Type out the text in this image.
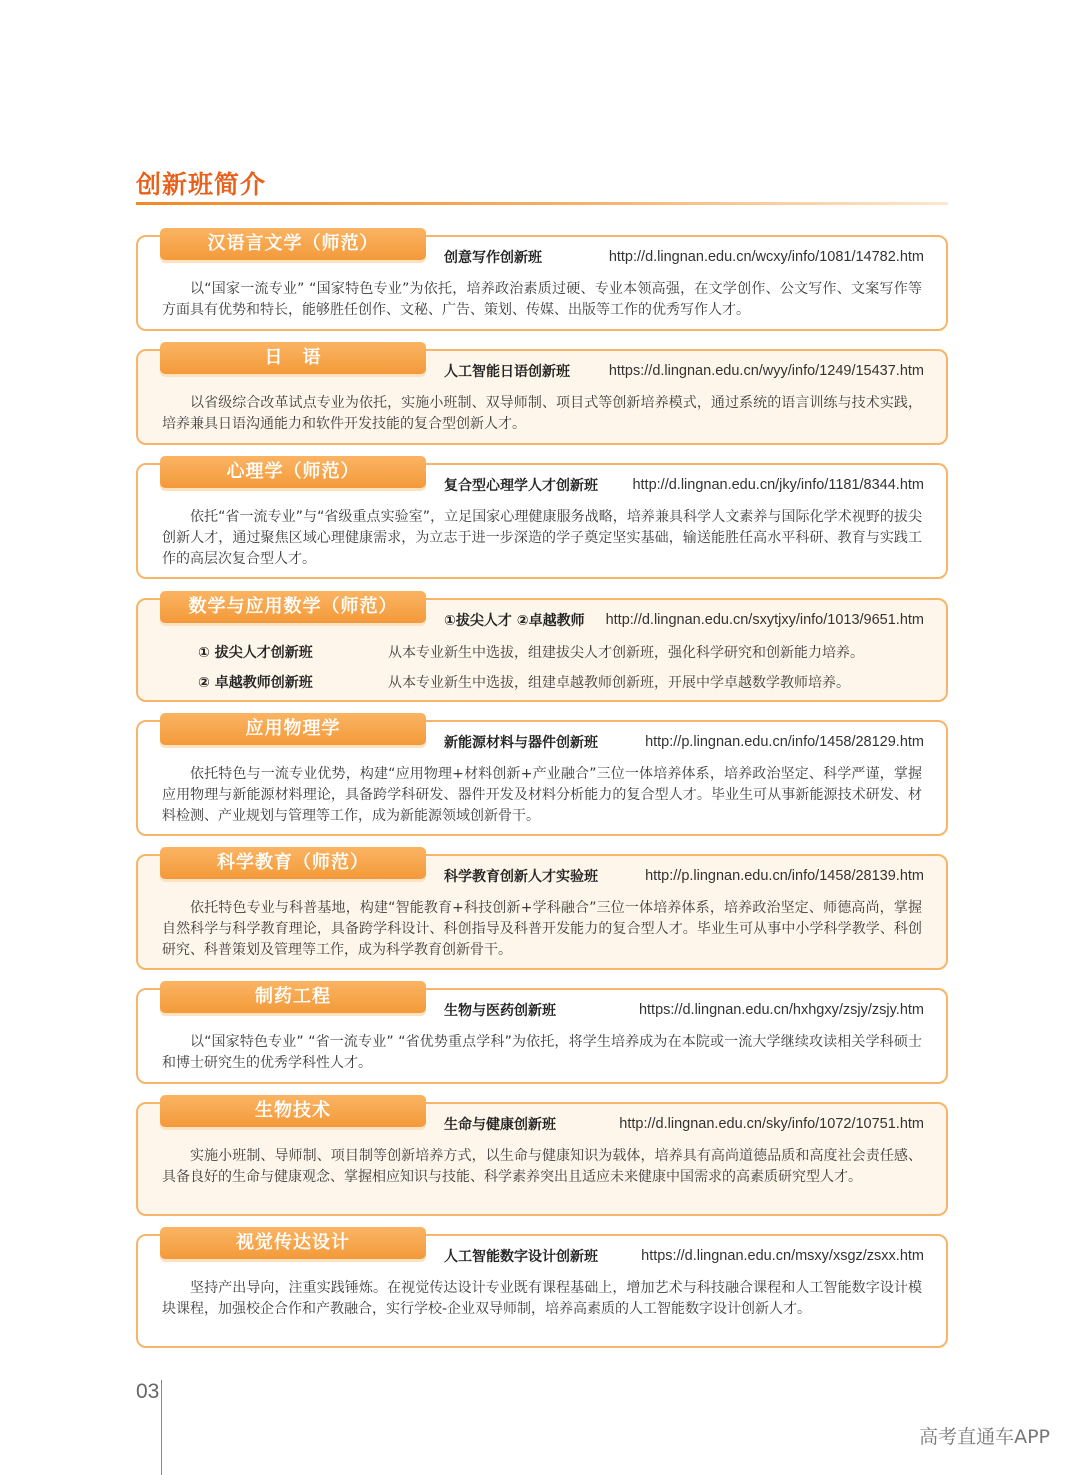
创新班简介
汉语言文学（师范）
创意写作创新班	http://d.lingnan.edu.cn/wcxy/info/1081/14782.htm
以“国家一流专业” “国家特色专业”为依托，培养政治素质过硬、专业本领高强，在文学创作、公文写作、文案写作等方面具有优势和特长，能够胜任创作、文秘、广告、策划、传媒、出版等工作的优秀写作人才。
日　语
人工智能日语创新班	https://d.lingnan.edu.cn/wyy/info/1249/15437.htm
以省级综合改革试点专业为依托，实施小班制、双导师制、项目式等创新培养模式，通过系统的语言训练与技术实践，培养兼具日语沟通能力和软件开发技能的复合型创新人才。
心理学（师范）
复合型心理学人才创新班 http://d.lingnan.edu.cn/jky/info/1181/8344.htm
依托“省一流专业”与“省级重点实验室”，立足国家心理健康服务战略，培养兼具科学人文素养与国际化学术视野的拔尖创新人才，通过聚焦区域心理健康需求，为立志于进一步深造的学子奠定坚实基础，输送能胜任高水平科研、教育与实践工作的高层次复合型人才。
数学与应用数学（师范）
①拔尖人才 ②卓越教师 http://d.lingnan.edu.cn/sxytjxy/info/1013/9651.htm
① 拔尖人才创新班	从本专业新生中选拔，组建拔尖人才创新班，强化科学研究和创新能力培养。
② 卓越教师创新班	从本专业新生中选拔，组建卓越教师创新班，开展中学卓越数学教师培养。
应用物理学
新能源材料与器件创新班	http://p.lingnan.edu.cn/info/1458/28129.htm
依托特色与一流专业优势，构建“应用物理+材料创新+产业融合”三位一体培养体系，培养政治坚定、科学严谨，掌握应用物理与新能源材料理论，具备跨学科研发、器件开发及材料分析能力的复合型人才。毕业生可从事新能源技术研发、材料检测、产业规划与管理等工作，成为新能源领域创新骨干。
科学教育（师范）
科学教育创新人才实验班	http://p.lingnan.edu.cn/info/1458/28139.htm
依托特色专业与科普基地，构建“智能教育+科技创新+学科融合”三位一体培养体系，培养政治坚定、师德高尚，掌握自然科学与科学教育理论，具备跨学科设计、科创指导及科普开发能力的复合型人才。毕业生可从事中小学科学教学、科创研究、科普策划及管理等工作，成为科学教育创新骨干。
制药工程
生物与医药创新班	https://d.lingnan.edu.cn/hxhgxy/zsjy/zsjy.htm
以“国家特色专业” “省一流专业” “省优势重点学科”为依托，将学生培养成为在本院或一流大学继续攻读相关学科硕士和博士研究生的优秀学科性人才。
生物技术
生命与健康创新班	http://d.lingnan.edu.cn/sky/info/1072/10751.htm
实施小班制、导师制、项目制等创新培养方式，以生命与健康知识为载体，培养具有高尚道德品质和高度社会责任感、具备良好的生命与健康观念、掌握相应知识与技能、科学素养突出且适应未来健康中国需求的高素质研究型人才。
视觉传达设计
人工智能数字设计创新班	https://d.lingnan.edu.cn/msxy/xsgz/zsxx.htm
坚持产出导向，注重实践锤炼。在视觉传达设计专业既有课程基础上，增加艺术与科技融合课程和人工智能数字设计模块课程，加强校企合作和产教融合，实行学校-企业双导师制，培养高素质的人工智能数字设计创新人才。
03
高考直通车APP
